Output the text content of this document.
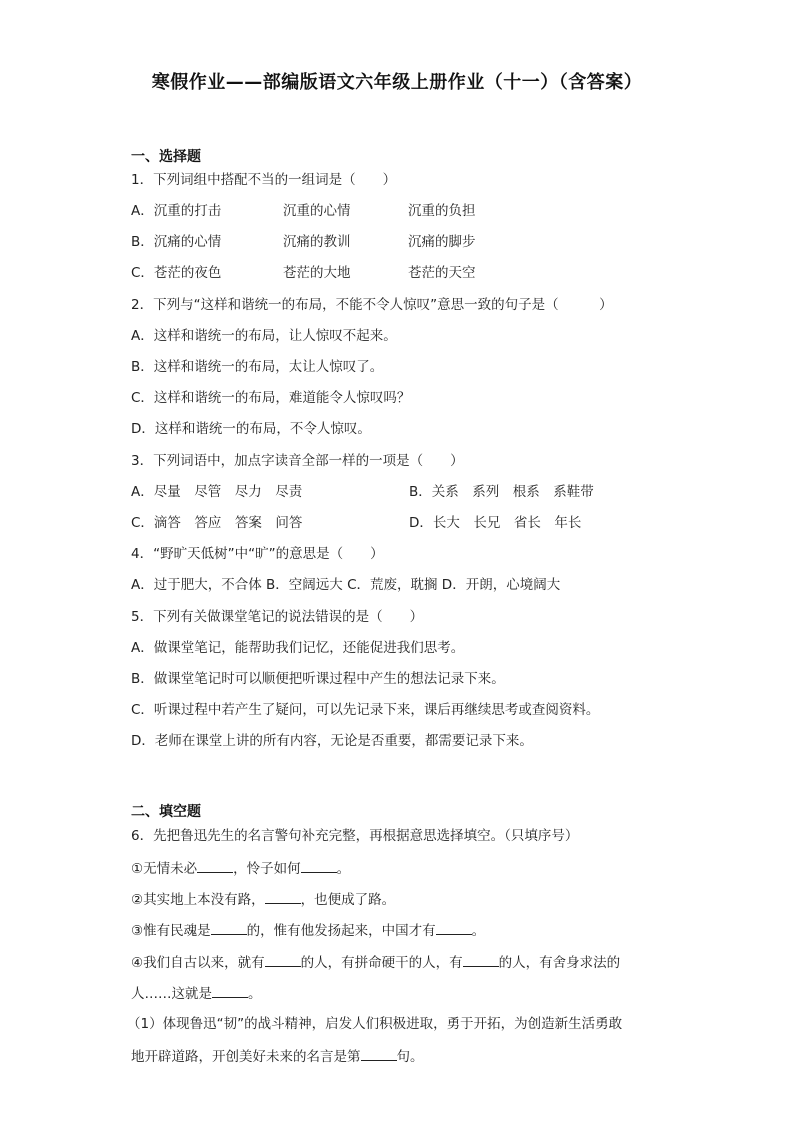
寒假作业——部编版语文六年级上册作业（十一）（含答案）
一、选择题
1．下列词组中搭配不当的一组词是（　　）
A．沉重的打击	沉重的心情	沉重的负担
B．沉痛的心情	沉痛的教训	沉痛的脚步
C．苍茫的夜色	苍茫的大地	苍茫的天空
2．下列与“这样和谐统一的布局，不能不令人惊叹”意思一致的句子是（　　　）
A．这样和谐统一的布局，让人惊叹不起来。
B．这样和谐统一的布局，太让人惊叹了。
C．这样和谐统一的布局，难道能令人惊叹吗？
D．这样和谐统一的布局，不令人惊叹。
3．下列词语中，加点字读音全部一样的一项是（　　）
A．尽量　尽管　尽力　尽责	B．关系　系列　根系　系鞋带
C．滴答　答应　答案　问答	D．长大　长兄　省长　年长
4．“野旷天低树”中“旷”的意思是（　　）
A．过于肥大，不合体 B．空阔远大 C．荒废，耽搁 D．开朗，心境阔大
5．下列有关做课堂笔记的说法错误的是（　　）
A．做课堂笔记，能帮助我们记忆，还能促进我们思考。
B．做课堂笔记时可以顺便把听课过程中产生的想法记录下来。
C．听课过程中若产生了疑问，可以先记录下来，课后再继续思考或查阅资料。
D．老师在课堂上讲的所有内容，无论是否重要，都需要记录下来。
二、填空题
6．先把鲁迅先生的名言警句补充完整，再根据意思选择填空。（只填序号）
①无情未必	，怜子如何	。
②其实地上本没有路，	，也便成了路。
③惟有民魂是	的，惟有他发扬起来，中国才有	。
④我们自古以来，就有	的人，有拼命硬干的人，有	的人，有舍身求法的
人……这就是	。
（1）体现鲁迅“韧”的战斗精神，启发人们积极进取，勇于开拓，为创造新生活勇敢
地开辟道路，开创美好未来的名言是第	句。
